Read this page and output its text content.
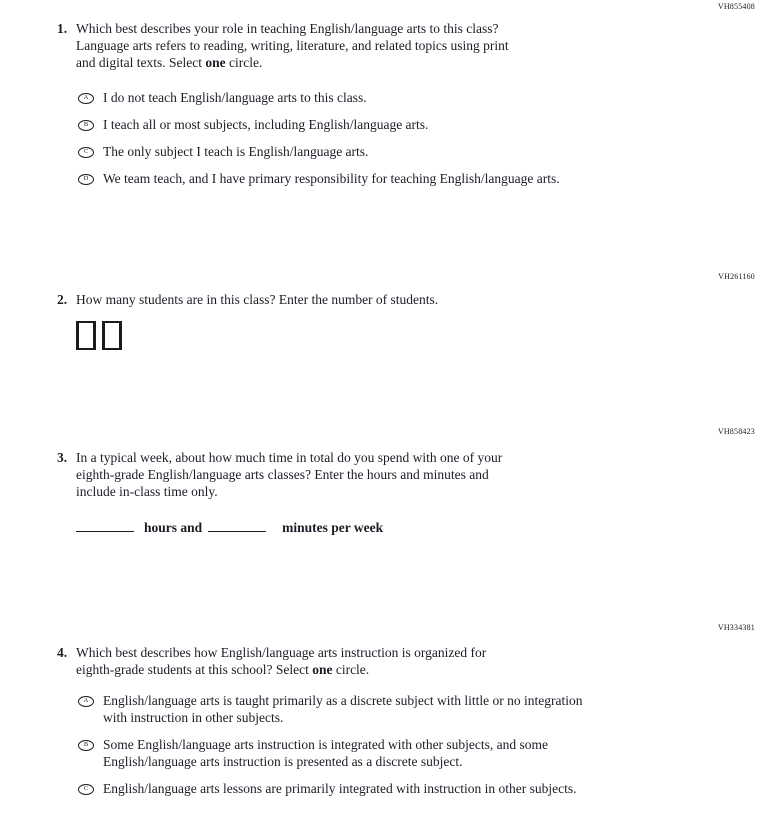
VH855408
1. Which best describes your role in teaching English/language arts to this class?
Language arts refers to reading, writing, literature, and related topics using print
and digital texts. Select one circle.
A I do not teach English/language arts to this class.
B I teach all or most subjects, including English/language arts.
C The only subject I teach is English/language arts.
D We team teach, and I have primary responsibility for teaching English/language arts.
VH261160
2. How many students are in this class? Enter the number of students.
VH858423
3. In a typical week, about how much time in total do you spend with one of your
eighth-grade English/language arts classes? Enter the hours and minutes and
include in-class time only.
hours and	minutes per week
VH334381
4. Which best describes how English/language arts instruction is organized for
eighth-grade students at this school? Select one circle.
A English/language arts is taught primarily as a discrete subject with little or no integration
with instruction in other subjects.
B Some English/language arts instruction is integrated with other subjects, and some
English/language arts instruction is presented as a discrete subject.
C English/language arts lessons are primarily integrated with instruction in other subjects.
